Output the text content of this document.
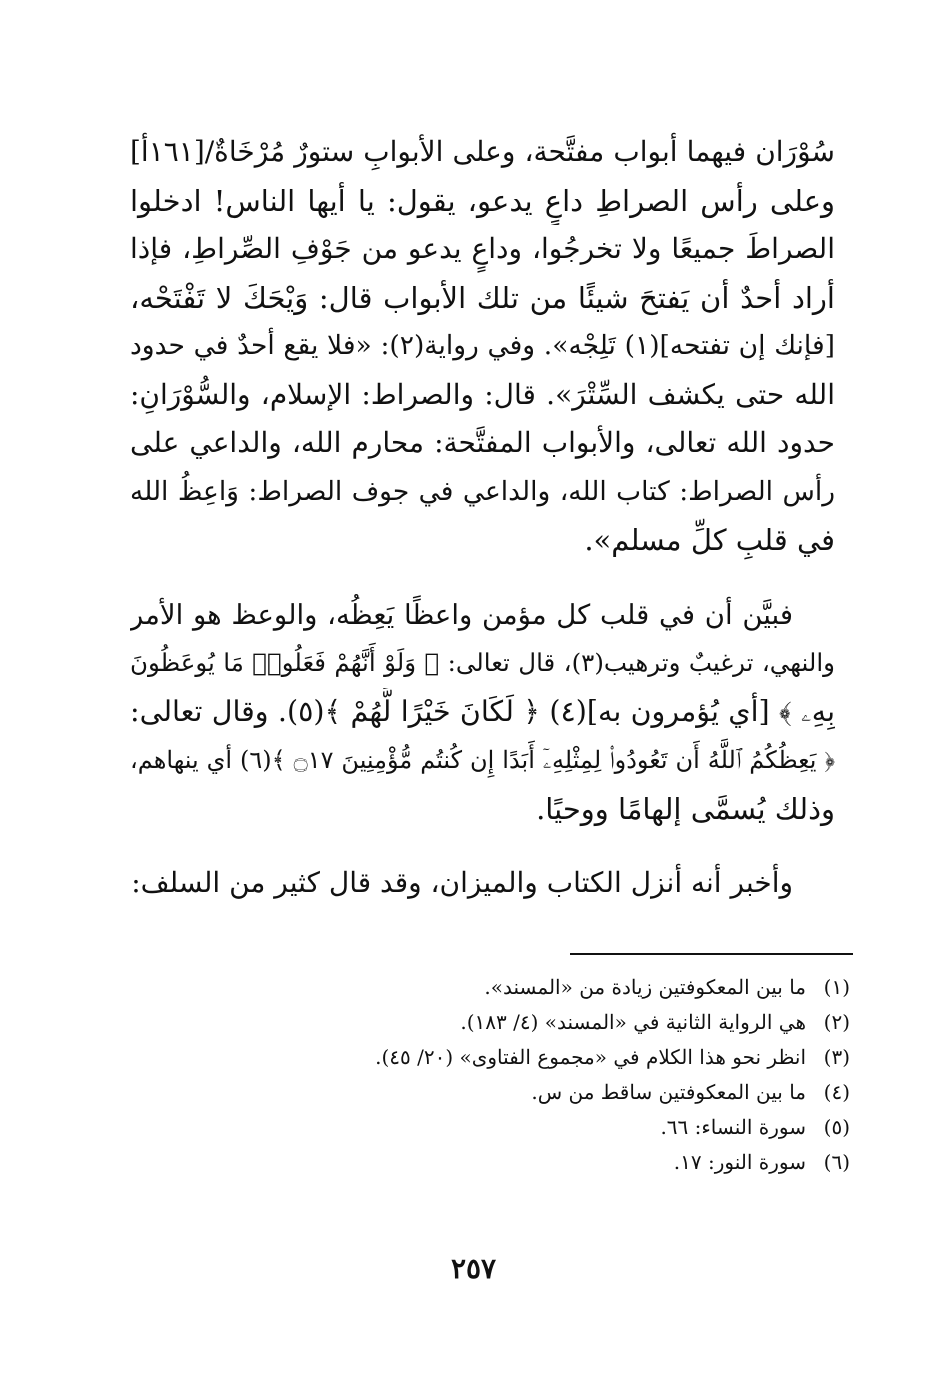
سُوْرَان فيهما أبواب مفتَّحة، وعلى الأبوابِ ستورٌ مُرْخَاةٌ/[١٦١أ]
وعلى رأس الصراطِ داعٍ يدعو، يقول: يا أيها الناس! ادخلوا
الصراطَ جميعًا ولا تخرجُوا، وداعٍ يدعو من جَوْفِ الصِّراطِ، فإذا
أراد أحدٌ أن يَفتحَ شيئًا من تلك الأبواب قال: وَيْحَكَ لا تَفْتَحْه،
[فإنك إن تفتحه](١) تَلِجْه». وفي رواية(٢): «فلا يقع أحدٌ في حدود
الله حتى يكشف السِّتْرَ». قال: والصراط: الإسلام، والسُّوْرَانِ:
حدود الله تعالى، والأبواب المفتَّحة: محارم الله، والداعي على
رأس الصراط: كتاب الله، والداعي في جوف الصراط: وَاعِظُ الله
في قلبِ كلِّ مسلم».
فبيَّن أن في قلب كل مؤمن واعظًا يَعِظُه، والوعظ هو الأمر
والنهي، ترغيبٌ وترهيب(٣)، قال تعالى: ﴿ وَلَوْ أَنَّهُمْ فَعَلُوا۟ مَا يُوعَظُونَ
بِهِۦ ﴾ [أي يُؤمرون به](٤) ﴿ لَكَانَ خَيْرًا لَّهُمْ ﴾(٥). وقال تعالى:
﴿ يَعِظُكُمُ ٱللَّهُ أَن تَعُودُوا۟ لِمِثْلِهِۦٓ أَبَدًا إِن كُنتُم مُّؤْمِنِينَ ۝١٧ ﴾(٦) أي ينهاهم،
وذلك يُسمَّى إلهامًا ووحيًا.
وأخبر أنه أنزل الكتاب والميزان، وقد قال كثير من السلف:
(١)ما بين المعكوفتين زيادة من «المسند».
(٢)هي الرواية الثانية في «المسند» (٤/ ١٨٣).
(٣)انظر نحو هذا الكلام في «مجموع الفتاوى» (٢٠/ ٤٥).
(٤)ما بين المعكوفتين ساقط من س.
(٥)سورة النساء: ٦٦.
(٦)سورة النور: ١٧.
٢٥٧
